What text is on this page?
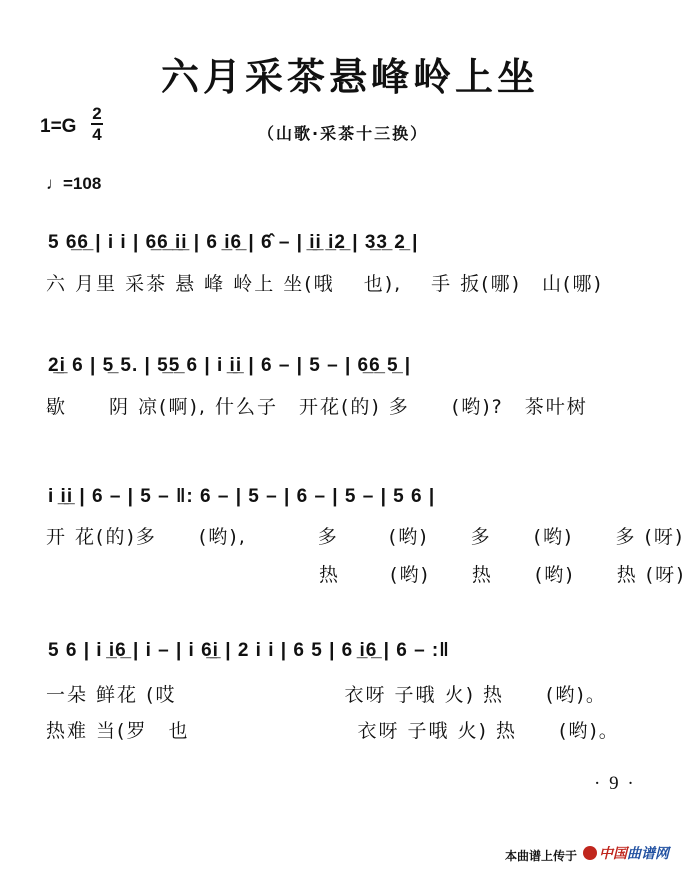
六月采茶悬峰岭上坐
1=G
2
4	（山歌·采茶十三换）
♩=108
5 6̲6̲ | i i | 6̲6̲ i̲i̲ | 6 i̲6̲ | 6̂ – | i̲i̲ i̲2̲ | 3̲3̲ 2̲ |
六 月里 采茶 悬 峰 岭上 坐(哦　 也), 　手 扳(哪)　山(哪)
2̲i̲ 6 | 5̲ 5. | 5̲5̲ 6 | i i̲i̲ | 6 – | 5 – | 6̲6̲ 5̲ |
歇　　阴 凉(啊), 什么子　开花(的) 多　　(哟)?　茶叶树
i i̲i̲ | 6 – | 5 – ‖: 6 – | 5 – | 6 – | 5 – | 5 6 |
开 花(的)多　　(哟), 　　　多 　　(哟)　　多　　(哟)　　多 (呀)
　　　　　　　　　　　　　热 　　(哟)　　热　　(哟)　　热 (呀)
5 6 | i i̲6̲ | i – | i 6̲i̲ | 2 i i | 6 5 | 6 i̲6̲ | 6 – :‖
一朵 鲜花 (哎　　　　　　　　衣呀 子哦 火) 热　　(哟)。
热难 当(罗　也　　　　　　　　衣呀 子哦 火) 热　　(哟)。
· 9 ·
本曲谱上传于	中国曲谱网
